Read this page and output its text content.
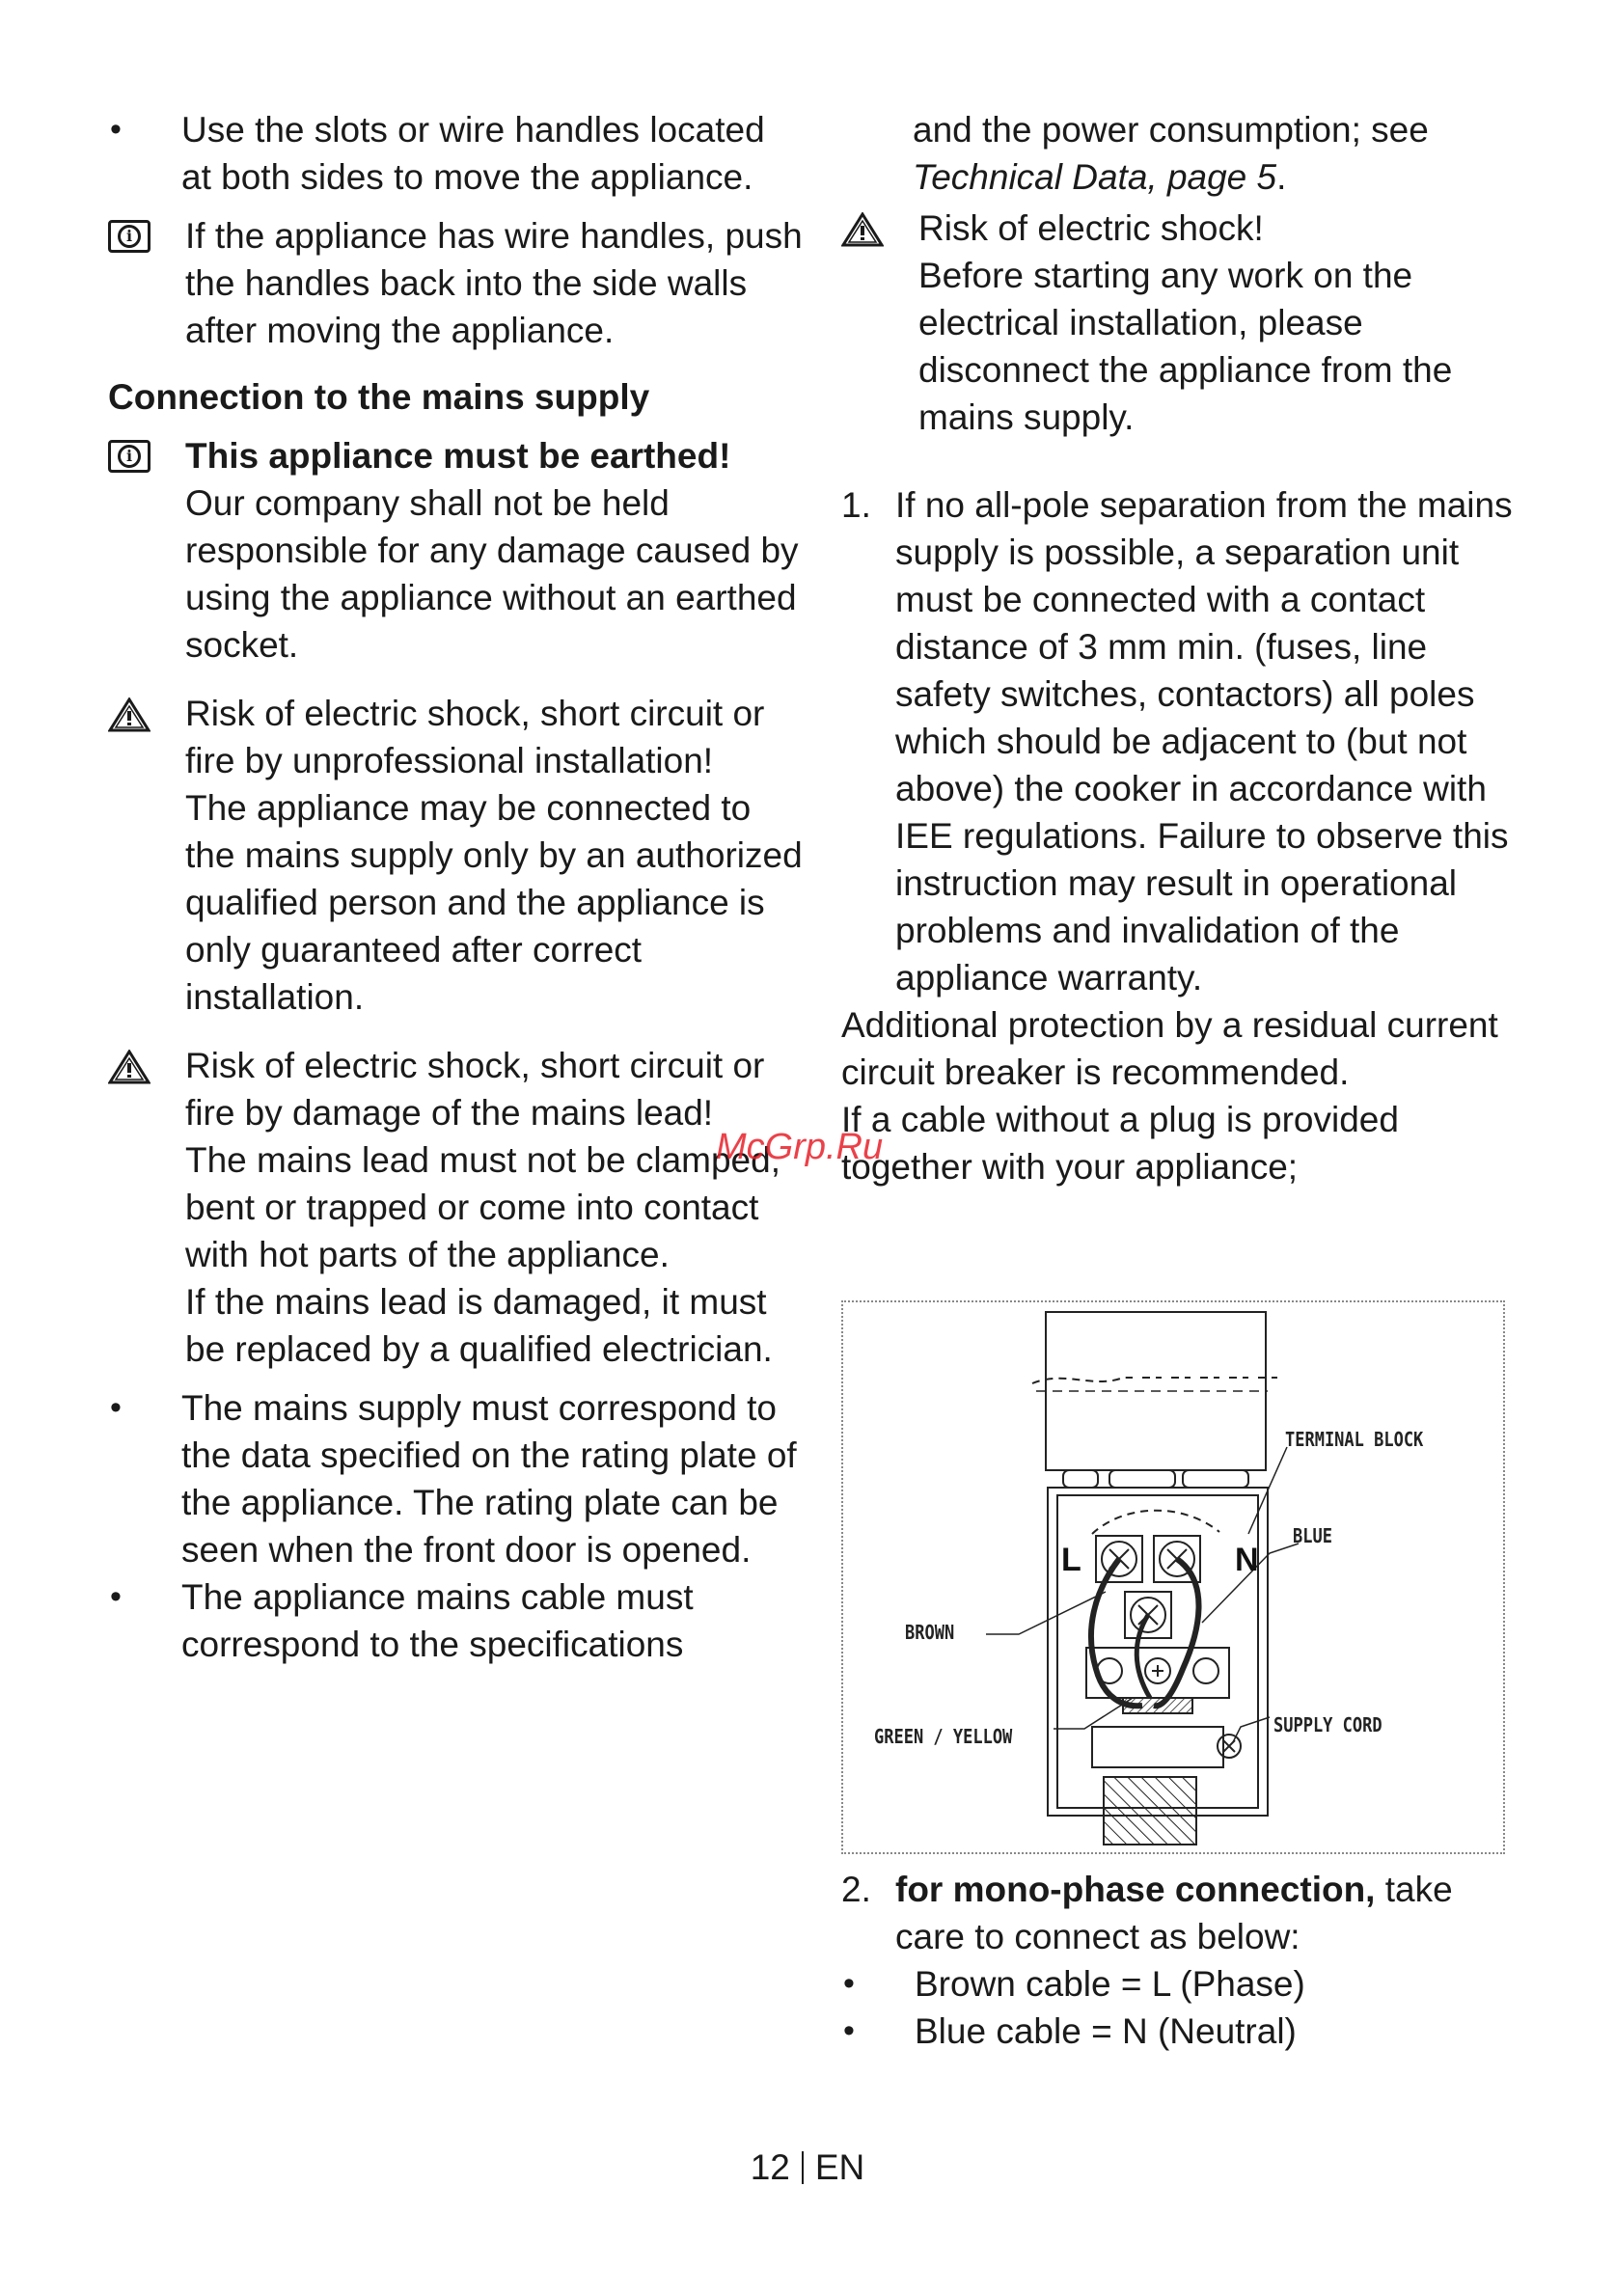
•	Use the slots or wire handles located at both sides to move the appliance.
i If the appliance has wire handles, push the handles back into the side walls after moving the appliance.

Connection to the mains supply

i This appliance must be earthed!
Our company shall not be held responsible for any damage caused by using the appliance without an earthed socket.
Risk of electric shock, short circuit or fire by unprofessional installation!
The appliance may be connected to the mains supply only by an authorized qualified person and the appliance is only guaranteed after correct installation.
Risk of electric shock, short circuit or fire by damage of the mains lead!
The mains lead must not be clamped, bent or trapped or come into contact with hot parts of the appliance.
If the mains lead is damaged, it must be replaced by a qualified electrician.
•	The mains supply must correspond to the data specified on the rating plate of the appliance. The rating plate can be seen when the front door is opened.
•	The appliance mains cable must correspond to the specifications

and the power consumption; see
Technical Data, page 5.

Risk of electric shock!
Before starting any work on the electrical installation, please disconnect the appliance from the mains supply.
1. If no all-pole separation from the mains supply is possible, a separation unit must be connected with a contact distance of 3 mm min. (fuses, line safety switches, contactors) all poles which should be adjacent to (but not above) the cooker in accordance with IEE regulations. Failure to observe this instruction may result in operational problems and invalidation of the appliance warranty.

Additional protection by a residual current circuit breaker is recommended.

If a cable without a plug is provided together with your appliance;

L	N
TERMINAL BLOCK
BLUE
BROWN
GREEN / YELLOW	SUPPLY CORD
2. for mono-phase connection, take care to connect as below:
•	Brown cable = L (Phase)
•	Blue cable = N (Neutral)
McGrp.Ru
12 EN
